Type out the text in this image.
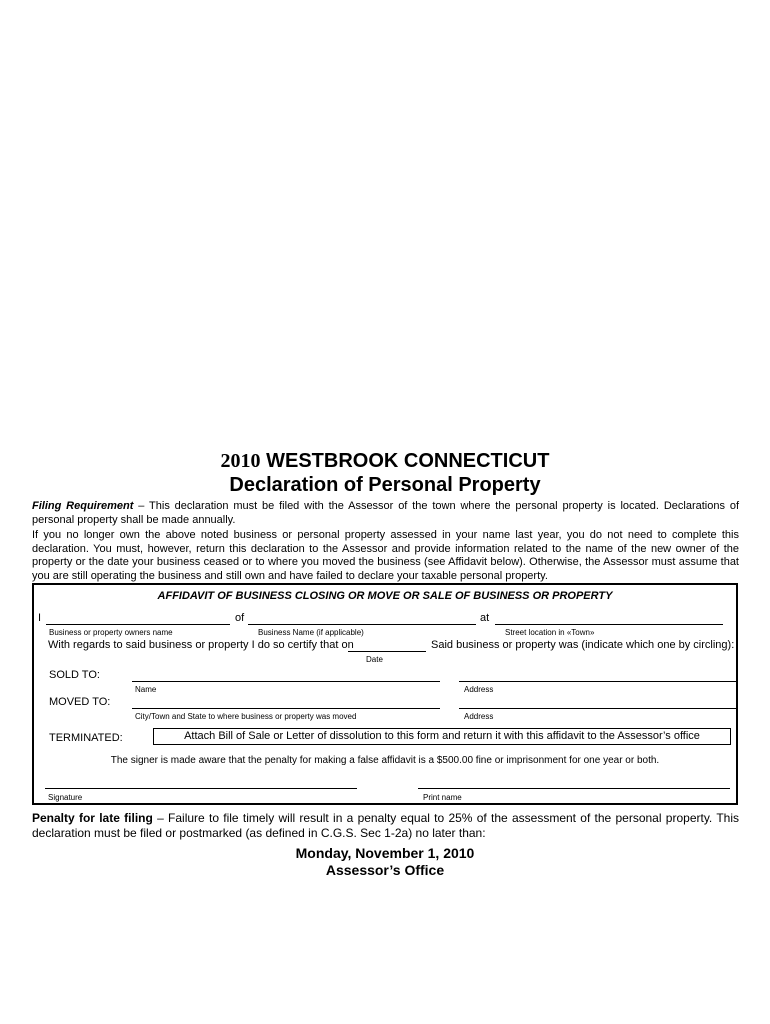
2010 WESTBROOK CONNECTICUT
Declaration of Personal Property
Filing Requirement – This declaration must be filed with the Assessor of the town where the personal property is located. Declarations of personal property shall be made annually.
If you no longer own the above noted business or personal property assessed in your name last year, you do not need to complete this declaration. You must, however, return this declaration to the Assessor and provide information related to the name of the new owner of the property or the date your business ceased or to where you moved the business (see Affidavit below). Otherwise, the Assessor must assume that you are still operating the business and still own and have failed to declare your taxable personal property.
AFFIDAVIT OF BUSINESS CLOSING OR MOVE OR SALE OF BUSINESS OR PROPERTY
I	of	at
Business or property owners name	Business Name (if applicable)	Street location in «Town»
With regards to said business or property I do so certify that on	Said business or property was (indicate which one by circling):
Date
SOLD TO:
Name	Address
MOVED TO:
City/Town and State to where business or property was moved	Address
TERMINATED:	Attach Bill of Sale or Letter of dissolution to this form and return it with this affidavit to the Assessor’s office
The signer is made aware that the penalty for making a false affidavit is a $500.00 fine or imprisonment for one year or both.
Signature	Print name
Penalty for late filing – Failure to file timely will result in a penalty equal to 25% of the assessment of the personal property. This declaration must be filed or postmarked (as defined in C.G.S. Sec 1-2a) no later than:
Monday, November 1, 2010
Assessor’s Office
